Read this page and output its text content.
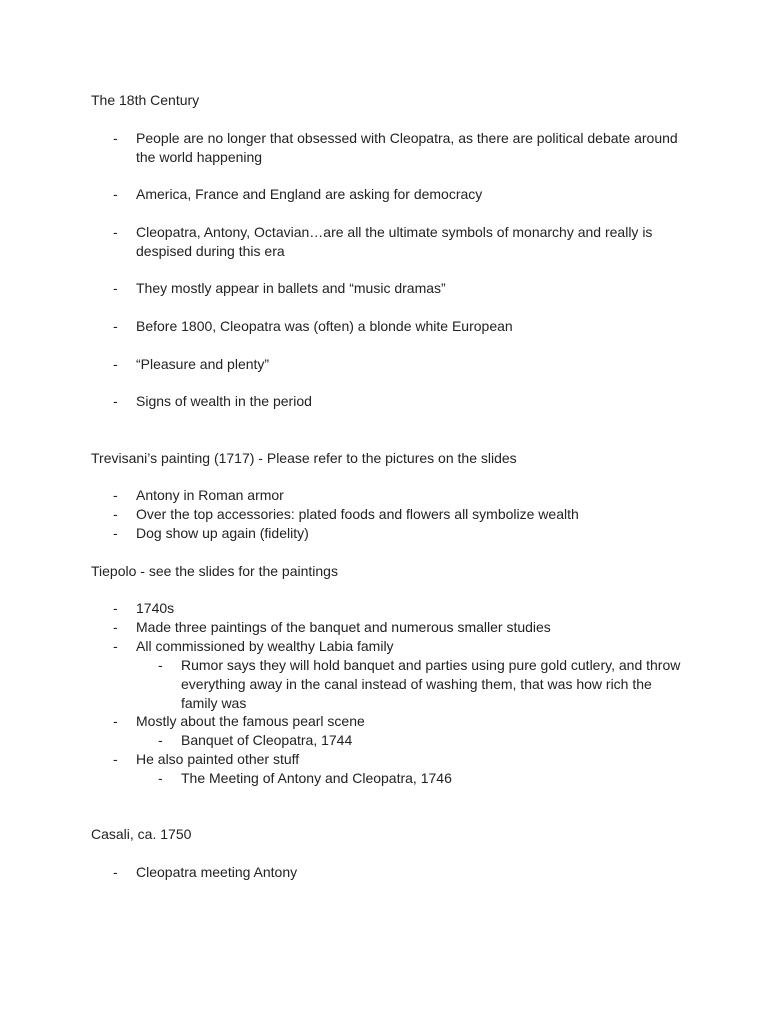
The 18th Century
- People are no longer that obsessed with Cleopatra, as there are political debate around
the world happening
- America, France and England are asking for democracy
- Cleopatra, Antony, Octavian…are all the ultimate symbols of monarchy and really is
despised during this era
- They mostly appear in ballets and “music dramas”
- Before 1800, Cleopatra was (often) a blonde white European
- “Pleasure and plenty”
- Signs of wealth in the period
Trevisani’s painting (1717) - Please refer to the pictures on the slides
- Antony in Roman armor
- Over the top accessories: plated foods and flowers all symbolize wealth
- Dog show up again (fidelity)
Tiepolo - see the slides for the paintings
- 1740s
- Made three paintings of the banquet and numerous smaller studies
- All commissioned by wealthy Labia family
- Rumor says they will hold banquet and parties using pure gold cutlery, and throw
everything away in the canal instead of washing them, that was how rich the
family was
- Mostly about the famous pearl scene
- Banquet of Cleopatra, 1744
- He also painted other stuff
- The Meeting of Antony and Cleopatra, 1746
Casali, ca. 1750
- Cleopatra meeting Antony
